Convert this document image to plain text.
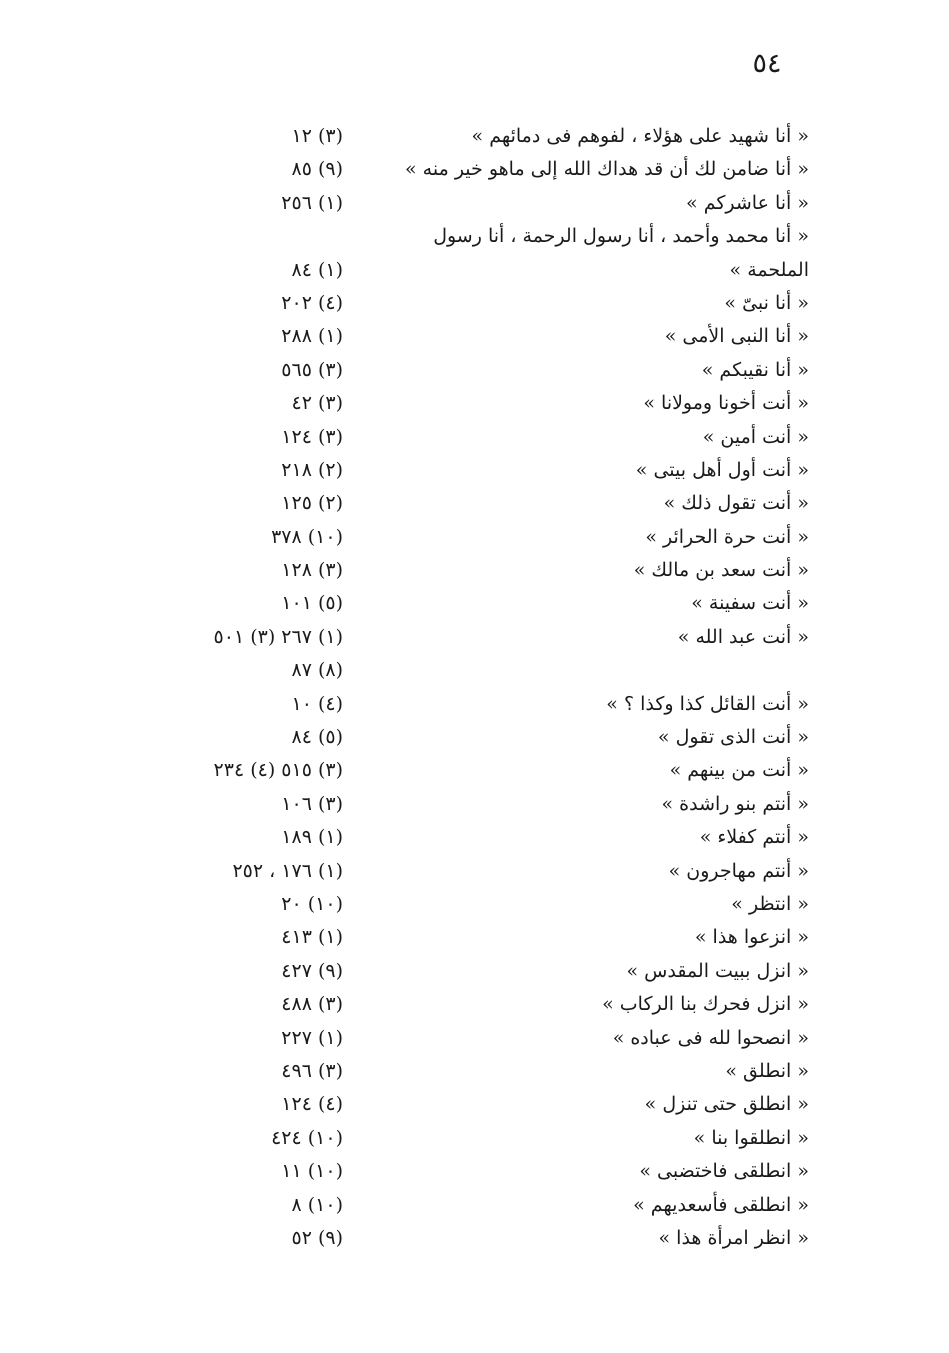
٥٤
« أنا شهيد على هؤلاء ، لفوهم فى دمائهم »
(٣) ١٢
« أنا ضامن لك أن قد هداك الله إلى ماهو خير منه »
(٩) ٨٥
« أنا عاشركم »
(١) ٢٥٦
« أنا محمد وأحمد ، أنا رسول الرحمة ، أنا رسول الملحمة »
(١) ٨٤
« أنا نبىّ »
(٤) ٢٠٢
« أنا النبى الأمى »
(١) ٢٨٨
« أنا نقيبكم »
(٣) ٥٦٥
« أنت أخونا ومولانا »
(٣) ٤٢
« أنت أمين »
(٣) ١٢٤
« أنت أول أهل بيتى »
(٢) ٢١٨
« أنت تقول ذلك »
(٢) ١٢٥
« أنت حرة الحرائر »
(١٠) ٣٧٨
« أنت سعد بن مالك »
(٣) ١٢٨
« أنت سفينة »
(٥) ١٠١
« أنت عبد الله »
(١) ٢٦٧ (٣) ٥٠١
(٨) ٨٧
« أنت القائل كذا وكذا ؟ »
(٤) ١٠
« أنت الذى تقول »
(٥) ٨٤
« أنت من بينهم »
(٣) ٥١٥ (٤) ٢٣٤
« أنتم بنو راشدة »
(٣) ١٠٦
« أنتم كفلاء »
(١) ١٨٩
« أنتم مهاجرون »
(١) ١٧٦ ، ٢٥٢
« انتظر »
(١٠) ٢٠
« انزعوا هذا »
(١) ٤١٣
« انزل ببيت المقدس »
(٩) ٤٢٧
« انزل فحرك بنا الركاب »
(٣) ٤٨٨
« انصحوا لله فى عباده »
(١) ٢٢٧
« انطلق »
(٣) ٤٩٦
« انطلق حتى تنزل »
(٤) ١٢٤
« انطلقوا بنا »
(١٠) ٤٢٤
« انطلقى فاختضبى »
(١٠) ١١
« انطلقى فأسعديهم »
(١٠) ٨
« انظر امرأة هذا »
(٩) ٥٢
